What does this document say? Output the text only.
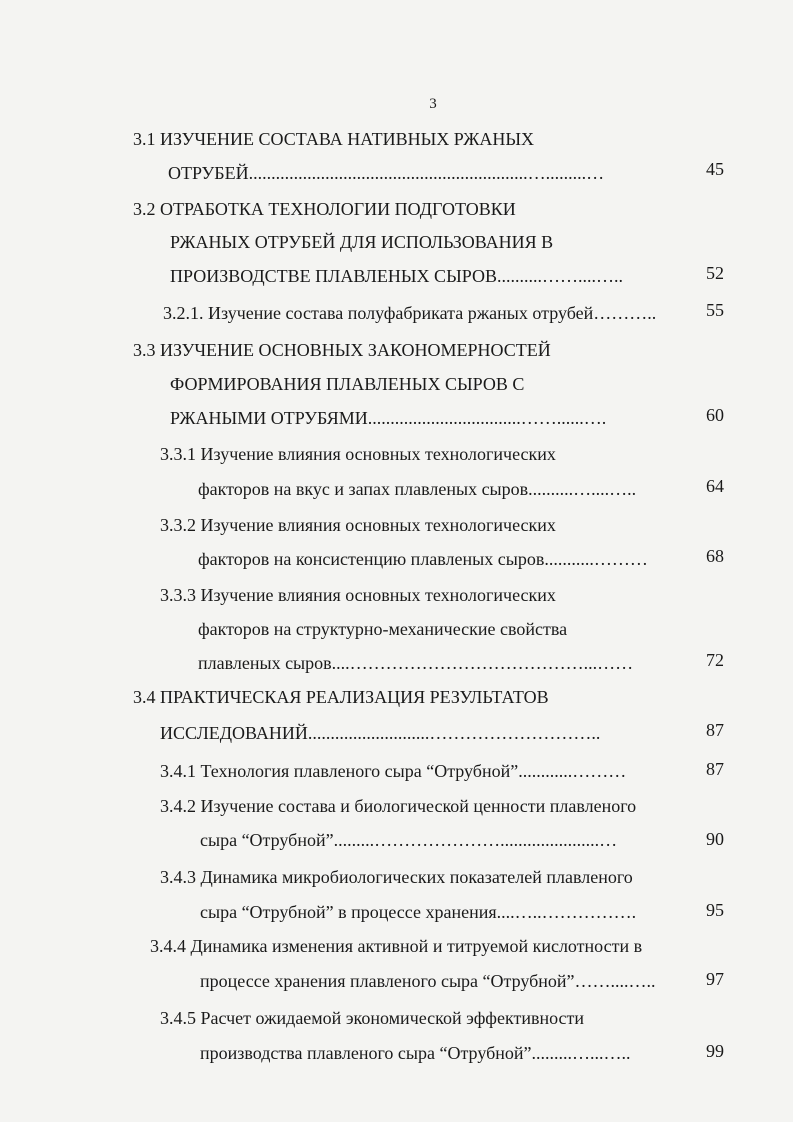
3
3.1 ИЗУЧЕНИЕ СОСТАВА НАТИВНЫХ РЖАНЫХ
ОТРУБЕЙ..............................................................….........…	45
3.2 ОТРАБОТКА ТЕХНОЛОГИИ ПОДГОТОВКИ
РЖАНЫХ ОТРУБЕЙ ДЛЯ ИСПОЛЬЗОВАНИЯ В
ПРОИЗВОДСТВЕ ПЛАВЛЕНЫХ СЫРОВ..........……....…..	52
3.2.1. Изучение состава полуфабриката ржаных отрубей………..	55
3.3 ИЗУЧЕНИЕ ОСНОВНЫХ ЗАКОНОМЕРНОСТЕЙ
ФОРМИРОВАНИЯ ПЛАВЛЕНЫХ СЫРОВ С
РЖАНЫМИ ОТРУБЯМИ..................................……......….	60
3.3.1 Изучение влияния основных технологических
факторов на вкус и запах плавленых сыров..........…....…..	64
3.3.2 Изучение влияния основных технологических
факторов на консистенцию плавленых сыров...........………	68
3.3.3 Изучение влияния основных технологических
факторов на структурно-механические свойства
плавленых сыров....…………………………………...……	72
3.4 ПРАКТИЧЕСКАЯ РЕАЛИЗАЦИЯ РЕЗУЛЬТАТОВ
ИССЛЕДОВАНИЙ...........................………………………..	87
3.4.1 Технология плавленого сыра “Отрубной”............………	87
3.4.2 Изучение состава и биологической ценности плавленого
сыра “Отрубной”.........…………………......................…	90
3.4.3 Динамика микробиологических показателей плавленого
сыра “Отрубной” в процессе хранения....…..…………….	95
3.4.4 Динамика изменения активной и титруемой кислотности в
процессе хранения плавленого сыра “Отрубной”……....…..	97
3.4.5 Расчет ожидаемой экономической эффективности
производства плавленого сыра “Отрубной”.........…...…..	99
